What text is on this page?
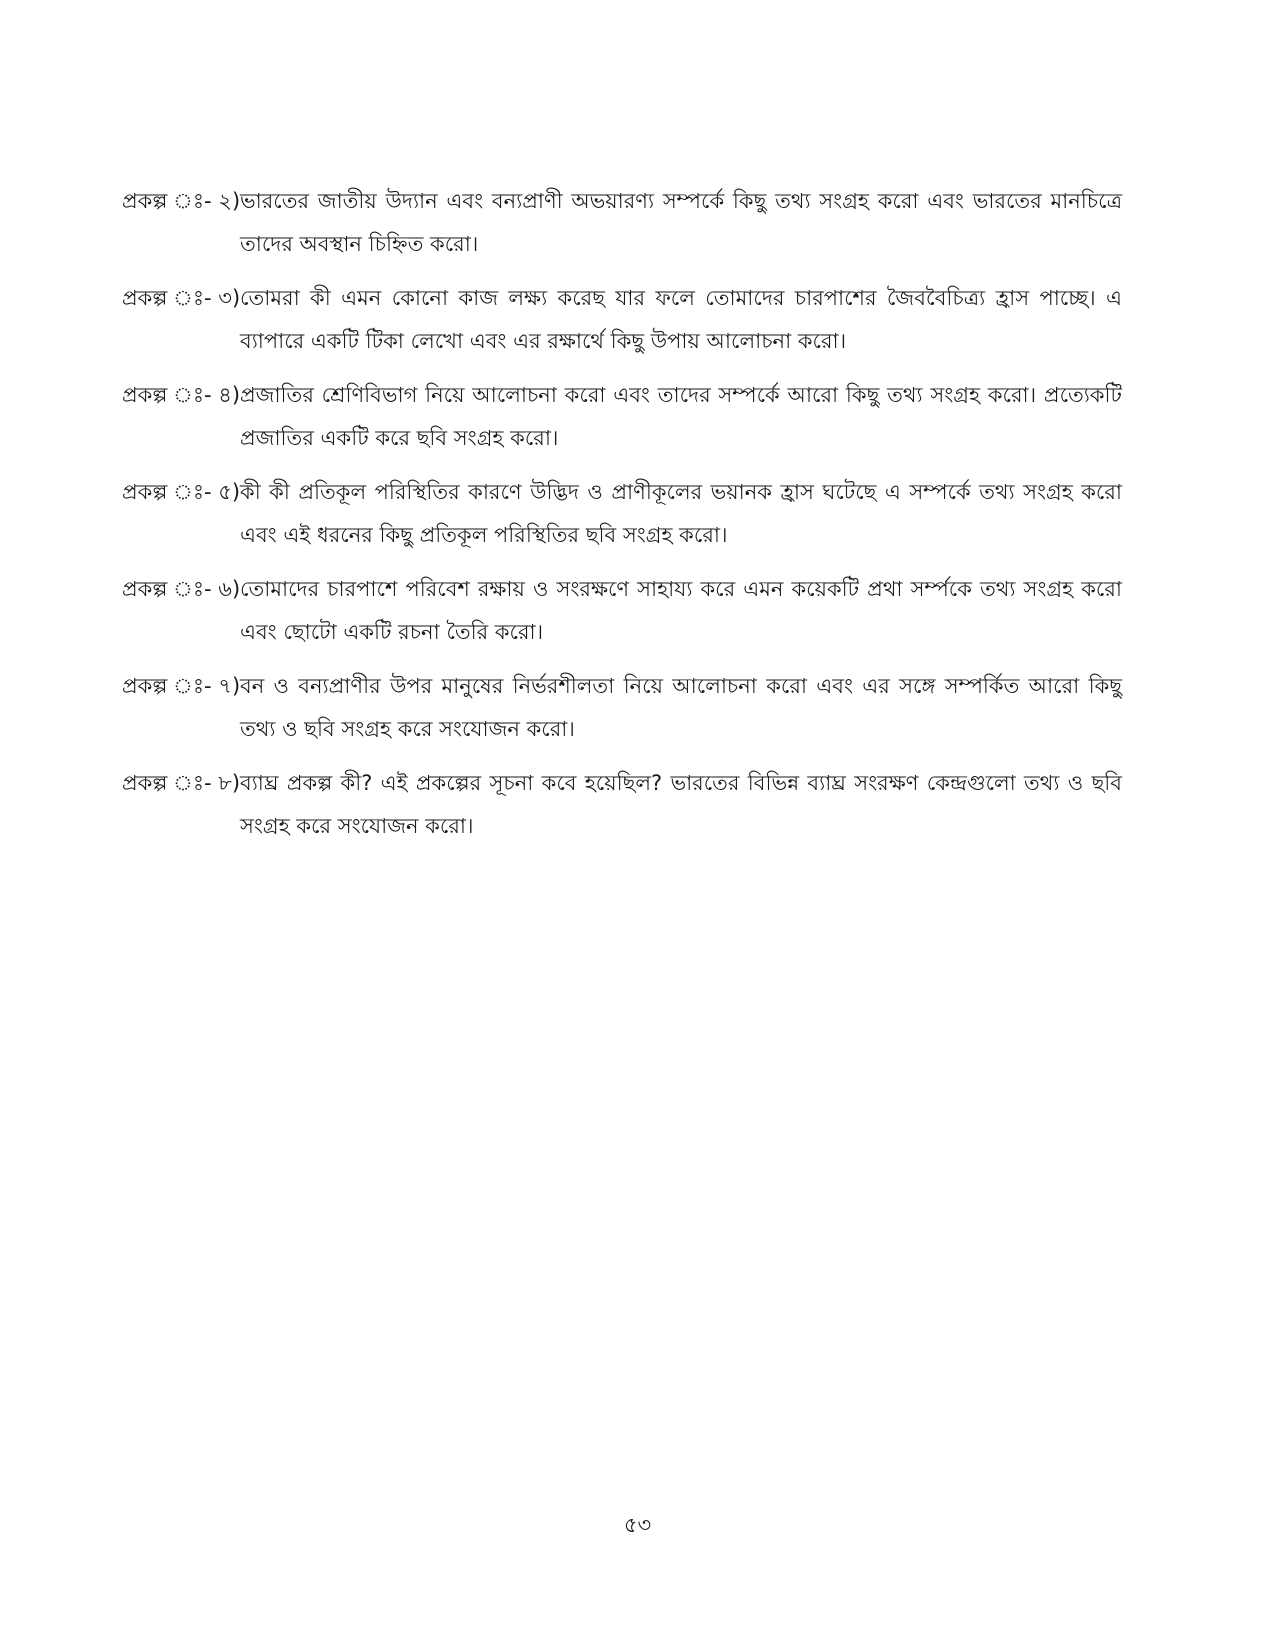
প্রকল্প ঃ- ২) ভারতের জাতীয় উদ্যান এবং বন্যপ্রাণী অভয়ারণ্য সম্পর্কে কিছু তথ্য সংগ্রহ করো এবং ভারতের মানচিত্রে তাদের অবস্থান চিহ্নিত করো।
প্রকল্প ঃ- ৩) তোমরা কী এমন কোনো কাজ লক্ষ্য করেছ যার ফলে তোমাদের চারপাশের জৈববৈচিত্র্য হ্রাস পাচ্ছে। এ ব্যাপারে একটি টিকা লেখো এবং এর রক্ষার্থে কিছু উপায় আলোচনা করো।
প্রকল্প ঃ- ৪) প্রজাতির শ্রেণিবিভাগ নিয়ে আলোচনা করো এবং তাদের সম্পর্কে আরো কিছু তথ্য সংগ্রহ করো। প্রত্যেকটি প্রজাতির একটি করে ছবি সংগ্রহ করো।
প্রকল্প ঃ- ৫) কী কী প্রতিকূল পরিস্থিতির কারণে উদ্ভিদ ও প্রাণীকূলের ভয়ানক হ্রাস ঘটেছে এ সম্পর্কে তথ্য সংগ্রহ করো এবং এই ধরনের কিছু প্রতিকূল পরিস্থিতির ছবি সংগ্রহ করো।
প্রকল্প ঃ- ৬) তোমাদের চারপাশে পরিবেশ রক্ষায় ও সংরক্ষণে সাহায্য করে এমন কয়েকটি প্রথা সর্ম্পকে তথ্য সংগ্রহ করো এবং ছোটো একটি রচনা তৈরি করো।
প্রকল্প ঃ- ৭) বন ও বন্যপ্রাণীর উপর মানুষের নির্ভরশীলতা নিয়ে আলোচনা করো এবং এর সঙ্গে সম্পর্কিত আরো কিছু তথ্য ও ছবি সংগ্রহ করে সংযোজন করো।
প্রকল্প ঃ- ৮) ব্যাঘ্র প্রকল্প কী? এই প্রকল্পের সূচনা কবে হয়েছিল? ভারতের বিভিন্ন ব্যাঘ্র সংরক্ষণ কেন্দ্রগুলো তথ্য ও ছবি সংগ্রহ করে সংযোজন করো।
৫৩
